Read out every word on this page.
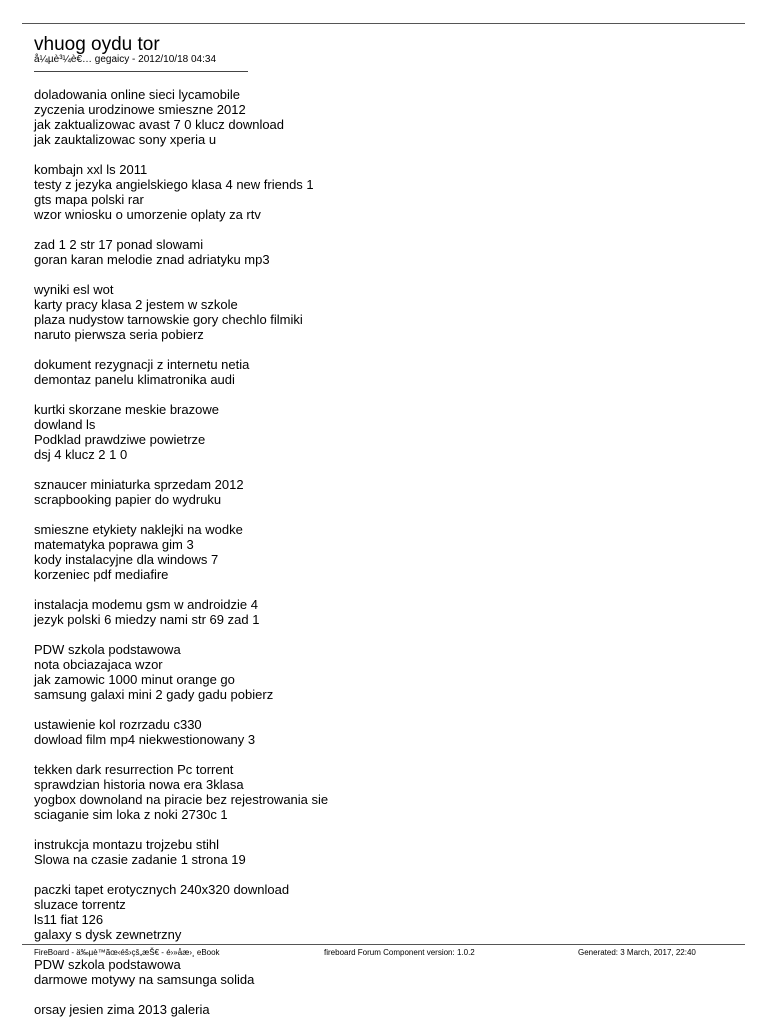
vhuog oydu tor
å¼µè³¼è€… gegaicy - 2012/10/18 04:34
doladowania online sieci lycamobile
zyczenia urodzinowe smieszne 2012
jak zaktualizowac avast 7 0 klucz download
jak zauktalizowac sony xperia u
kombajn xxl ls 2011
testy z jezyka angielskiego klasa 4 new friends 1
gts mapa polski rar
wzor wniosku o umorzenie oplaty za rtv
zad 1 2 str 17 ponad slowami
goran karan melodie znad adriatyku mp3
wyniki esl wot
karty pracy klasa 2 jestem w szkole
plaza nudystow tarnowskie gory chechlo filmiki
naruto pierwsza seria pobierz
dokument rezygnacji z internetu netia
demontaz panelu klimatronika audi
kurtki skorzane meskie brazowe
dowland ls
Podklad prawdziwe powietrze
dsj 4 klucz 2 1 0
sznaucer miniaturka sprzedam 2012
scrapbooking papier do wydruku
smieszne etykiety naklejki na wodke
matematyka poprawa gim 3
kody instalacyjne dla windows 7
korzeniec pdf mediafire
instalacja modemu gsm w androidzie 4
jezyk polski 6 miedzy nami str 69 zad 1
PDW szkola podstawowa
nota obciazajaca wzor
jak zamowic 1000 minut orange go
samsung galaxi mini 2 gady gadu pobierz
ustawienie kol rozrzadu c330
dowload film mp4 niekwestionowany 3
tekken dark resurrection Pc torrent
sprawdzian historia nowa era 3klasa
yogbox downoland na piracie bez rejestrowania sie
sciaganie sim loka z noki 2730c 1
instrukcja montazu trojzebu stihl
Slowa na czasie zadanie 1 strona 19
paczki tapet erotycznych 240x320 download
sluzace torrentz
ls11 fiat 126
galaxy s dysk zewnetrzny
PDW szkola podstawowa
darmowe motywy na samsunga solida
orsay jesien zima 2013 galeria
FireBoard - ä‰µè™ãœ‹éš›çš„æŠ€ - é›»åæ›¸ eBook	fireboard Forum Component version: 1.0.2	Generated: 3 March, 2017, 22:40
